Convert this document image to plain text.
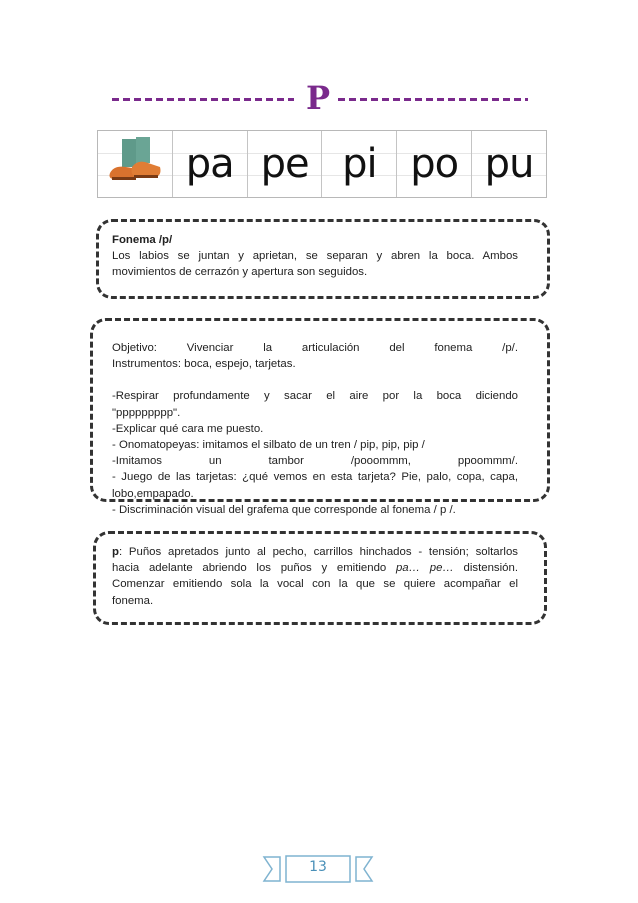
P
pa pe pi po pu
Fonema /p/
Los labios se juntan y aprietan, se separan y abren la boca. Ambos
movimientos de cerrazón y apertura son seguidos.
Objetivo: Vivenciar la articulación del fonema /p/.
Instrumentos: boca, espejo, tarjetas.
-Respirar profundamente y sacar el aire por la boca diciendo
"ppppppppp".
-Explicar qué cara me puesto.
- Onomatopeyas: imitamos el silbato de un tren / pip, pip, pip /
-Imitamos un tambor /pooommm, ppoommm/.
- Juego de las tarjetas: ¿qué vemos en esta tarjeta? Pie, palo, copa, capa,
lobo,empapado.
- Discriminación visual del grafema que corresponde al fonema / p /.
p: Puños apretados junto al pecho, carrillos hinchados - tensión; soltarlos
hacia adelante abriendo los puños y emitiendo pa… pe… distensión.
Comenzar emitiendo sola la vocal con la que se quiere acompañar el
fonema.
13
